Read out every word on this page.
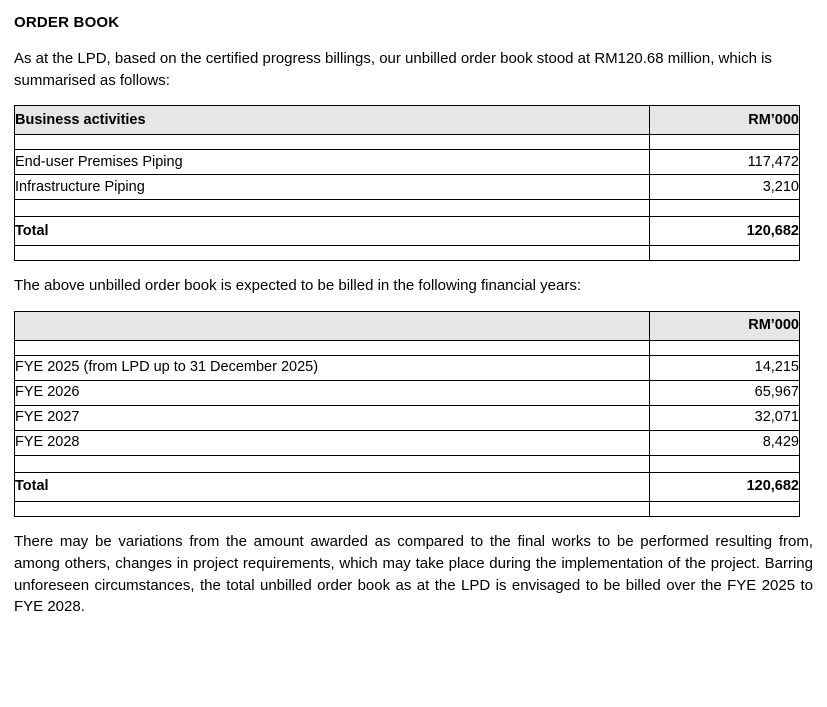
ORDER BOOK

As at the LPD, based on the certified progress billings, our unbilled order book stood at RM120.68 million, which is summarised as follows:

Business activities	RM’000

End-user Premises Piping	117,472
Infrastructure Piping	3,210

Total	120,682

The above unbilled order book is expected to be billed in the following financial years:

	RM’000

FYE 2025 (from LPD up to 31 December 2025)	14,215
FYE 2026	65,967
FYE 2027	32,071
FYE 2028	8,429

Total	120,682

There may be variations from the amount awarded as compared to the final works to be performed resulting from, among others, changes in project requirements, which may take place during the implementation of the project. Barring unforeseen circumstances, the total unbilled order book as at the LPD is envisaged to be billed over the FYE 2025 to FYE 2028.
